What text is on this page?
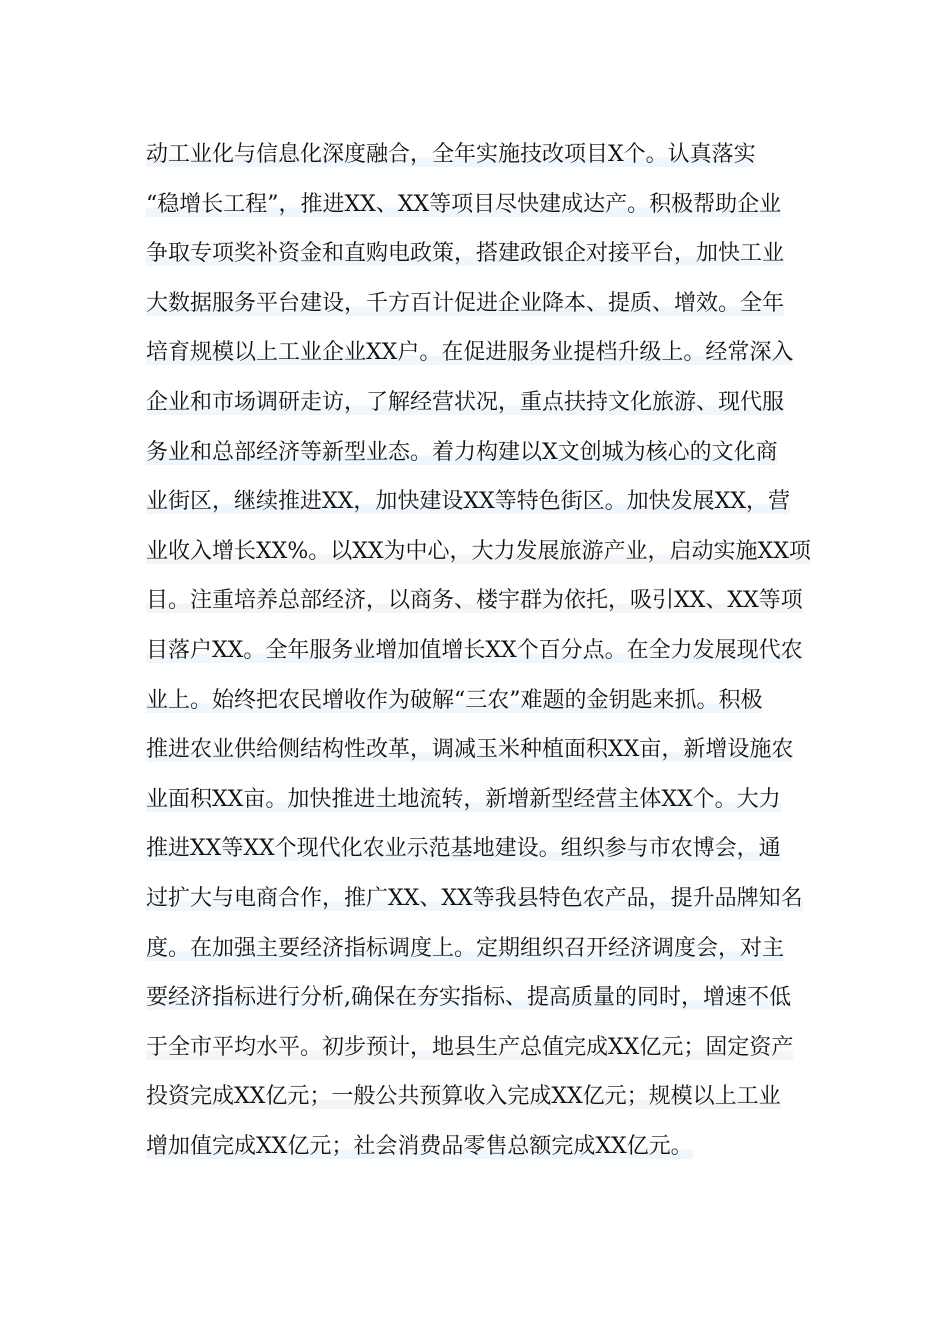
动工业化与信息化深度融合，全年实施技改项目X个。认真落实
“稳增长工程”，推进XX、XX等项目尽快建成达产。积极帮助企业
争取专项奖补资金和直购电政策，搭建政银企对接平台，加快工业
大数据服务平台建设，千方百计促进企业降本、提质、增效。全年
培育规模以上工业企业XX户。在促进服务业提档升级上。经常深入
企业和市场调研走访，了解经营状况，重点扶持文化旅游、现代服
务业和总部经济等新型业态。着力构建以X文创城为核心的文化商
业街区，继续推进XX，加快建设XX等特色街区。加快发展XX，营
业收入增长XX%。以XX为中心，大力发展旅游产业，启动实施XX项
目。注重培养总部经济，以商务、楼宇群为依托，吸引XX、XX等项
目落户XX。全年服务业增加值增长XX个百分点。在全力发展现代农
业上。始终把农民增收作为破解“三农”难题的金钥匙来抓。积极
推进农业供给侧结构性改革，调减玉米种植面积XX亩，新增设施农
业面积XX亩。加快推进土地流转，新增新型经营主体XX个。大力
推进XX等XX个现代化农业示范基地建设。组织参与市农博会，通
过扩大与电商合作，推广XX、XX等我县特色农产品，提升品牌知名
度。在加强主要经济指标调度上。定期组织召开经济调度会，对主
要经济指标进行分析,确保在夯实指标、提高质量的同时，增速不低
于全市平均水平。初步预计，地县生产总值完成XX亿元；固定资产
投资完成XX亿元；一般公共预算收入完成XX亿元；规模以上工业
增加值完成XX亿元；社会消费品零售总额完成XX亿元。
